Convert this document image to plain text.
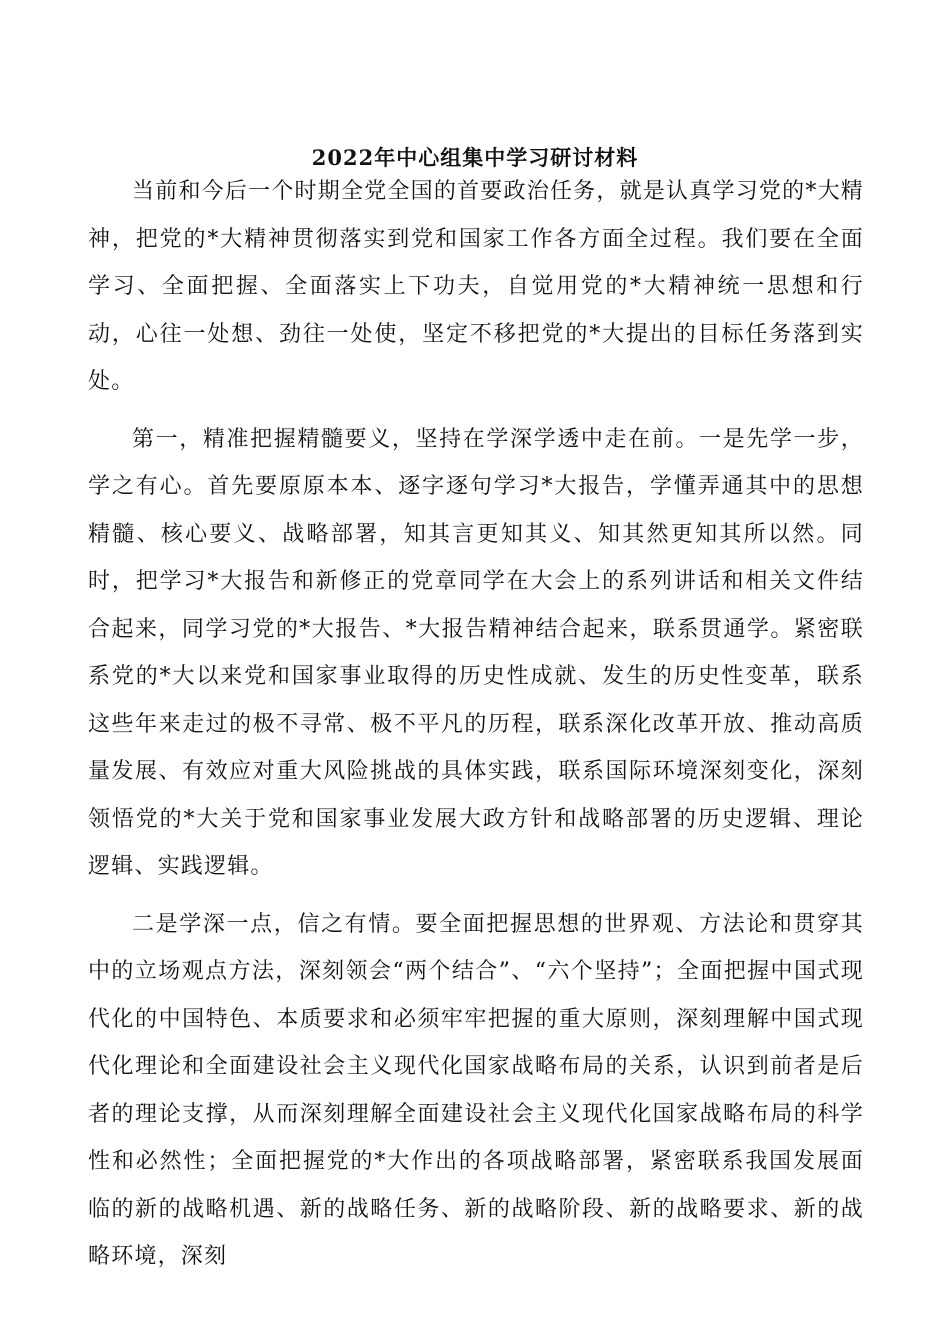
2022年中心组集中学习研讨材料

当前和今后一个时期全党全国的首要政治任务，就是认真学习党的*大精神，把党的*大精神贯彻落实到党和国家工作各方面全过程。我们要在全面学习、全面把握、全面落实上下功夫，自觉用党的*大精神统一思想和行动，心往一处想、劲往一处使，坚定不移把党的*大提出的目标任务落到实处。

第一，精准把握精髓要义，坚持在学深学透中走在前。一是先学一步，学之有心。首先要原原本本、逐字逐句学习*大报告，学懂弄通其中的思想精髓、核心要义、战略部署，知其言更知其义、知其然更知其所以然。同时，把学习*大报告和新修正的党章同学在大会上的系列讲话和相关文件结合起来，同学习党的*大报告、*大报告精神结合起来，联系贯通学。紧密联系党的*大以来党和国家事业取得的历史性成就、发生的历史性变革，联系这些年来走过的极不寻常、极不平凡的历程，联系深化改革开放、推动高质量发展、有效应对重大风险挑战的具体实践，联系国际环境深刻变化，深刻领悟党的*大关于党和国家事业发展大政方针和战略部署的历史逻辑、理论逻辑、实践逻辑。

二是学深一点，信之有情。要全面把握思想的世界观、方法论和贯穿其中的立场观点方法，深刻领会“两个结合”、“六个坚持”；全面把握中国式现代化的中国特色、本质要求和必须牢牢把握的重大原则，深刻理解中国式现代化理论和全面建设社会主义现代化国家战略布局的关系，认识到前者是后者的理论支撑，从而深刻理解全面建设社会主义现代化国家战略布局的科学性和必然性；全面把握党的*大作出的各项战略部署，紧密联系我国发展面临的新的战略机遇、新的战略任务、新的战略阶段、新的战略要求、新的战略环境，深刻
